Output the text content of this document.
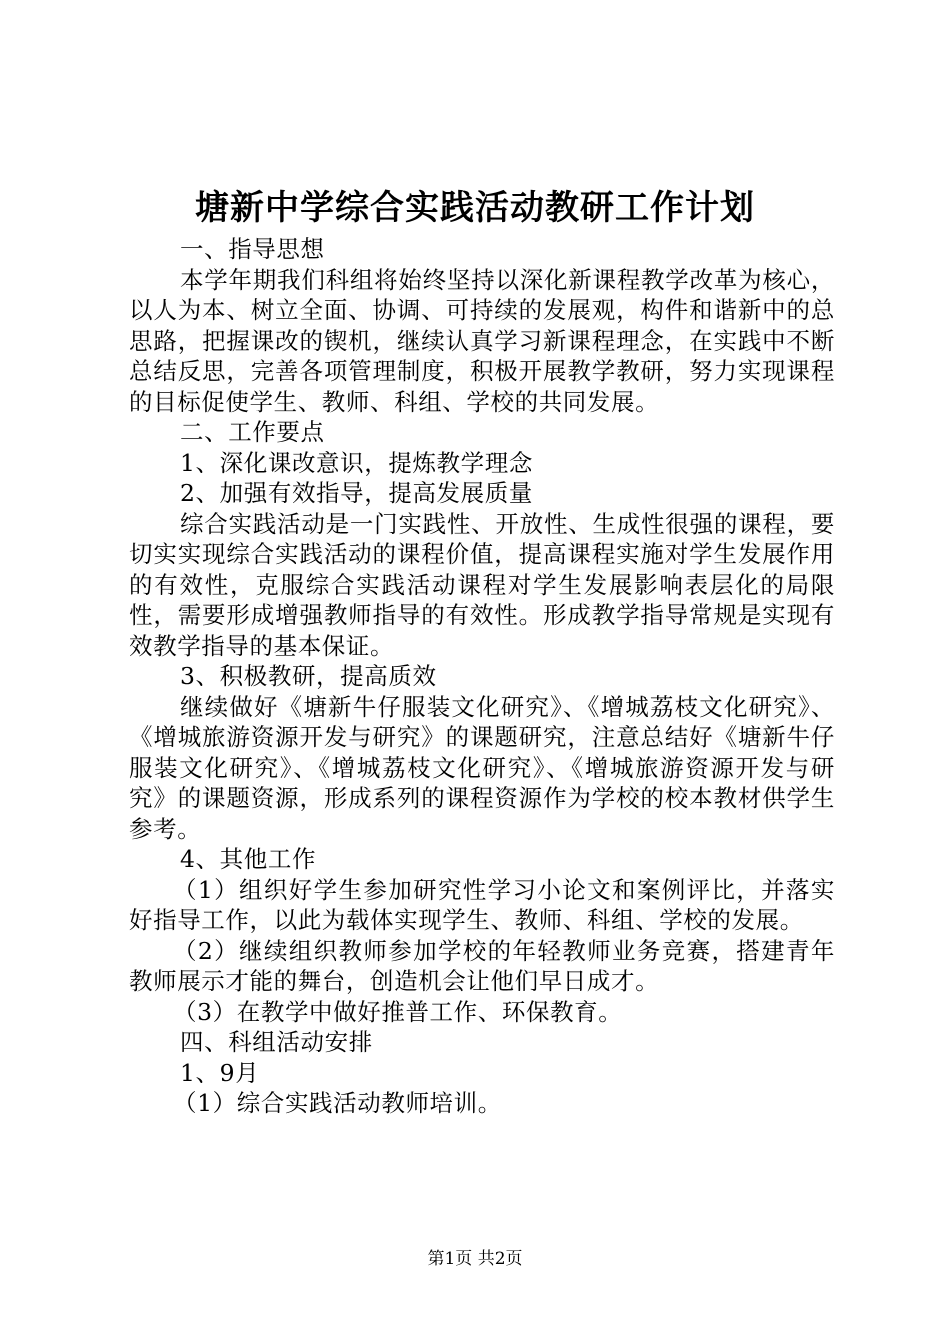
塘新中学综合实践活动教研工作计划

一、指导思想

本学年期我们科组将始终坚持以深化新课程教学改革为核心，以人为本、树立全面、协调、可持续的发展观，构件和谐新中的总思路，把握课改的锲机，继续认真学习新课程理念，在实践中不断总结反思，完善各项管理制度，积极开展教学教研，努力实现课程的目标促使学生、教师、科组、学校的共同发展。

二、工作要点

1、深化课改意识，提炼教学理念

2、加强有效指导，提高发展质量

综合实践活动是一门实践性、开放性、生成性很强的课程，要切实实现综合实践活动的课程价值，提高课程实施对学生发展作用的有效性，克服综合实践活动课程对学生发展影响表层化的局限性，需要形成增强教师指导的有效性。形成教学指导常规是实现有效教学指导的基本保证。

3、积极教研，提高质效

继续做好《塘新牛仔服装文化研究》、《增城荔枝文化研究》、《增城旅游资源开发与研究》的课题研究，注意总结好《塘新牛仔服装文化研究》、《增城荔枝文化研究》、《增城旅游资源开发与研究》的课题资源，形成系列的课程资源作为学校的校本教材供学生参考。

4、其他工作

（1）组织好学生参加研究性学习小论文和案例评比，并落实好指导工作，以此为载体实现学生、教师、科组、学校的发展。

（2）继续组织教师参加学校的年轻教师业务竞赛，搭建青年教师展示才能的舞台，创造机会让他们早日成才。

（3）在教学中做好推普工作、环保教育。

四、科组活动安排

1、9月

（1）综合实践活动教师培训。

第1页 共2页
